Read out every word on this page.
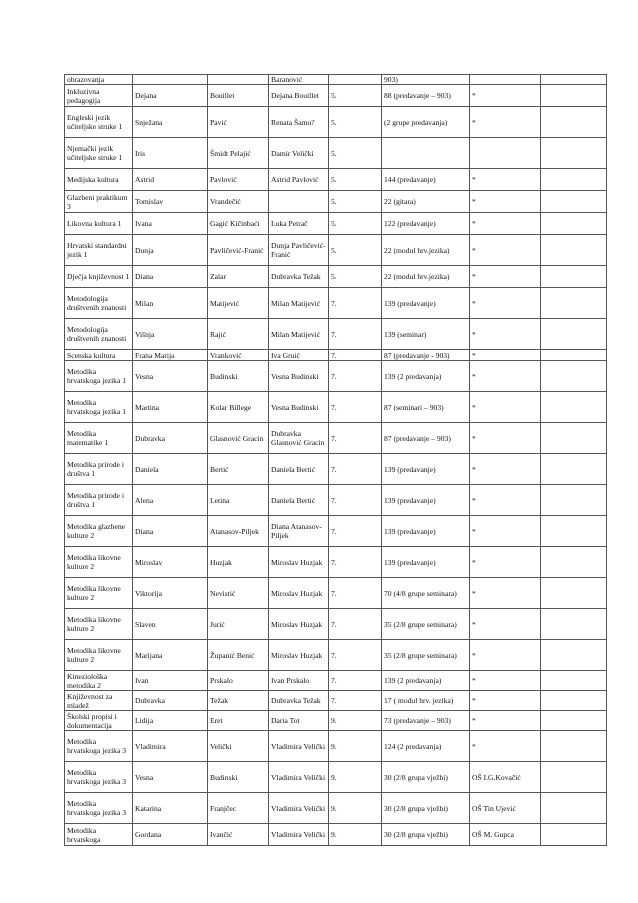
obrazovanja			Baranović		903)		
Inkluzivna pedagogija	Dejana	Bouillet	Dejana Bouillet	5.	88 (predavanje – 903)	*	
Engleski jezik učiteljske struke 1	Snježana	Pavić	Renata Šamo?	5.	(2 grupe predavanja)	*	
Njemački jezik učiteljske struke 1	Iris	Šmidt Pelajić	Damir Velički	5.			
Medijska kultura	Astrid	Pavlović	Astrid Pavlović	5.	144 (predavanje)	*	
Glazbeni praktikum 3	Tomislav	Vrandečić		5.	22 (gitara)	*	
Likovna kultura 1	Ivana	Gagić Kičinbaći	Luka Petrač	5.	122 (predavanje)	*	
Hrvatski standardni jezik 1	Dunja	Pavličević-Franić	Dunja Pavličević-Franić	5.	22 (modul hrv.jezika)	*	
Dječja književnost 1	Diana	Zalar	Dubravka Težak	5.	22 (modul hrv.jezika)	*	
Metodologija društvenih znanosti	Milan	Matijević	Milan Matijević	7.	139 (predavanje)	*	
Metodologija društvenih znanosti	Višnja	Rajić	Milan Matijević	7.	139 (seminar)	*	
Scenska kultura	Frana Marija	Vranković	Iva Gruić	7.	87 (predavanje - 903)	*	
Metodika hrvatskoga jezika 1	Vesna	Budinski	Vesna Budinski	7.	139 (2 predavanja)	*	
Metodika hrvatskoga jezika 1	Martina	Kolar Billege	Vesna Budinski	7.	87 (seminari – 903)	*	
Metodika matematike 1	Dubravka	Glasnović Gracin	Dubravka Glasnović Gracin	7.	87 (predavanje – 903)	*	
Metodika prirode i društva 1	Daniela	Bertić	Daniela Bertić	7.	139 (predavanje)	*	
Metodika prirode i društva 1	Alena	Letina	Daniela Bertić	7.	139 (predavanje)	*	
Metodika glazbene kulture 2	Diana	Atanasov-Piljek	Diana Atanasov-Piljek	7.	139 (predavanje)	*	
Metodika likovne kulture 2	Miroslav	Huzjak	Miroslav Huzjak	7.	139 (predavanje)	*	
Metodika likovne kulture 2	Viktorija	Nevistić	Miroslav Huzjak	7.	70 (4/8 grupe seminara)	*	
Metodika likovne kulture 2	Slaven	Jurić	Miroslav Huzjak	7.	35 (2/8 grupe seminara)	*	
Metodika likovne kulture 2	Marijana	Županić Benić	Miroslav Huzjak	7.	35 (2/8 grupe seminara)	*	
Kineziološka metodika 2	Ivan	Prskalo	Ivan Prskalo	7.	139 (2 predavanja)	*	
Književnost za mladež	Dubravka	Težak	Dubravka Težak	7.	17 ( modul hrv. jezika)	*	
Školski propisi i dokumentacija	Lidija	Eret	Daria Tot	9.	73 (predavanje – 903)	*	
Metodika hrvatskoga jezika 3	Vladimira	Velički	Vladimira Velički	9.	124 (2 predavanja)	*	
Metodika hrvatskoga jezika 3	Vesna	Budinski	Vladimira Velički	9.	30 (2/8 grupa vježbi)	OŠ I.G.Kovačić	
Metodika hrvatskoga jezika 3	Katarina	Franjčec	Vladimira Velički	9.	30 (2/8 grupa vježbi)	OŠ Tin Ujević	
Metodika hrvatskoga	Gordana	Ivančić	Vladimira Velički	9.	30 (2/8 grupa vježbi)	OŠ M. Gupca	
